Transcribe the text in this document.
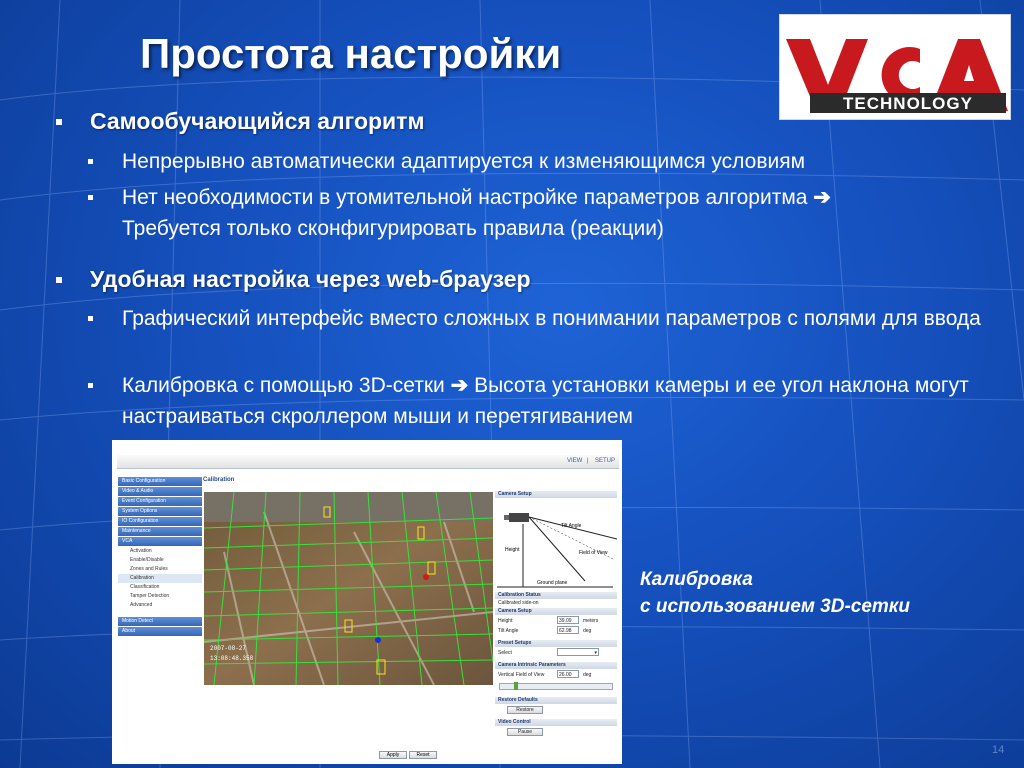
Простота настройки
TECHNOLOGY
Самообучающийся алгоритм
Непрерывно автоматически адаптируется к изменяющимся условиям
Нет необходимости в утомительной настройке параметров алгоритма ➔
Требуется только сконфигурировать правила (реакции)
Удобная настройка через web-браузер
Графический интерфейс вместо сложных в понимании параметров с полями для ввода
Калибровка с помощью 3D-сетки ➔ Высота установки камеры и ее угол наклона могут настраиваться скроллером мыши и перетягиванием
VIEW | SETUP
Basic Configuration
Video & Audio
Event Configuration
System Options
IO Configuration
Maintenance
VCA
Activation
Enable/Disable
Zones and Rules
Calibration
Classification
Tamper Detection
Advanced
Motion Detect
About
Calibration
2007-08-27
13:08:48.358
Camera Setup
Tilt Angle
Field of View
Height
Ground plane
Calibration Status
Calibrated side-on
Camera Setup
Height	39.09	meters
Tilt Angle	62.98	deg
Preset Setups
Select	▾
Camera Intrinsic Parameters
Vertical Field of View	26.00	deg
Restore Defaults
Restore
Video Control
Pause
Apply	Reset
Калибровка
с использованием 3D-сетки
14
